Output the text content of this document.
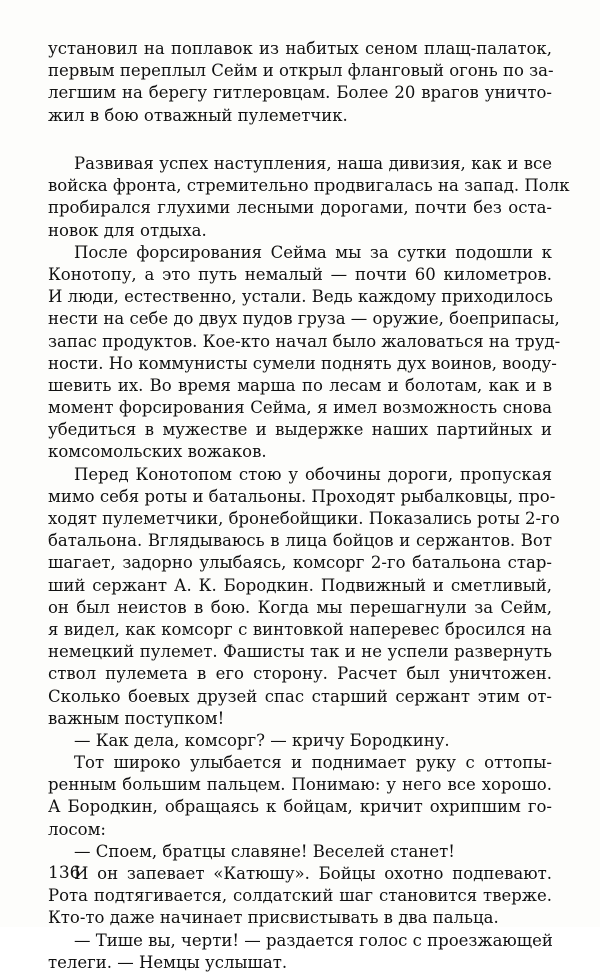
установил на поплавок из набитых сеном плащ-палаток,
первым переплыл Сейм и открыл фланговый огонь по за-
легшим на берегу гитлеровцам. Более 20 врагов уничто-
жил в бою отважный пулеметчик.
Развивая успех наступления, наша дивизия, как и все
войска фронта, стремительно продвигалась на запад. Полк
пробирался глухими лесными дорогами, почти без оста-
новок для отдыха.
После форсирования Сейма мы за сутки подошли к
Конотопу, а это путь немалый — почти 60 километров.
И люди, естественно, устали. Ведь каждому приходилось
нести на себе до двух пудов груза — оружие, боеприпасы,
запас продуктов. Кое-кто начал было жаловаться на труд-
ности. Но коммунисты сумели поднять дух воинов, вооду-
шевить их. Во время марша по лесам и болотам, как и в
момент форсирования Сейма, я имел возможность снова
убедиться в мужестве и выдержке наших партийных и
комсомольских вожаков.
Перед Конотопом стою у обочины дороги, пропуская
мимо себя роты и батальоны. Проходят рыбалковцы, про-
ходят пулеметчики, бронебойщики. Показались роты 2-го
батальона. Вглядываюсь в лица бойцов и сержантов. Вот
шагает, задорно улыбаясь, комсорг 2-го батальона стар-
ший сержант А. К. Бородкин. Подвижный и сметливый,
он был неистов в бою. Когда мы перешагнули за Сейм,
я видел, как комсорг с винтовкой наперевес бросился на
немецкий пулемет. Фашисты так и не успели развернуть
ствол пулемета в его сторону. Расчет был уничтожен.
Сколько боевых друзей спас старший сержант этим от-
важным поступком!
— Как дела, комсорг? — кричу Бородкину.
Тот широко улыбается и поднимает руку с оттопы-
ренным большим пальцем. Понимаю: у него все хорошо.
А Бородкин, обращаясь к бойцам, кричит охрипшим го-
лосом:
— Споем, братцы славяне! Веселей станет!
И он запевает «Катюшу». Бойцы охотно подпевают.
Рота подтягивается, солдатский шаг становится тверже.
Кто-то даже начинает присвистывать в два пальца.
— Тише вы, черти! — раздается голос с проезжающей
телеги. — Немцы услышат.
136
